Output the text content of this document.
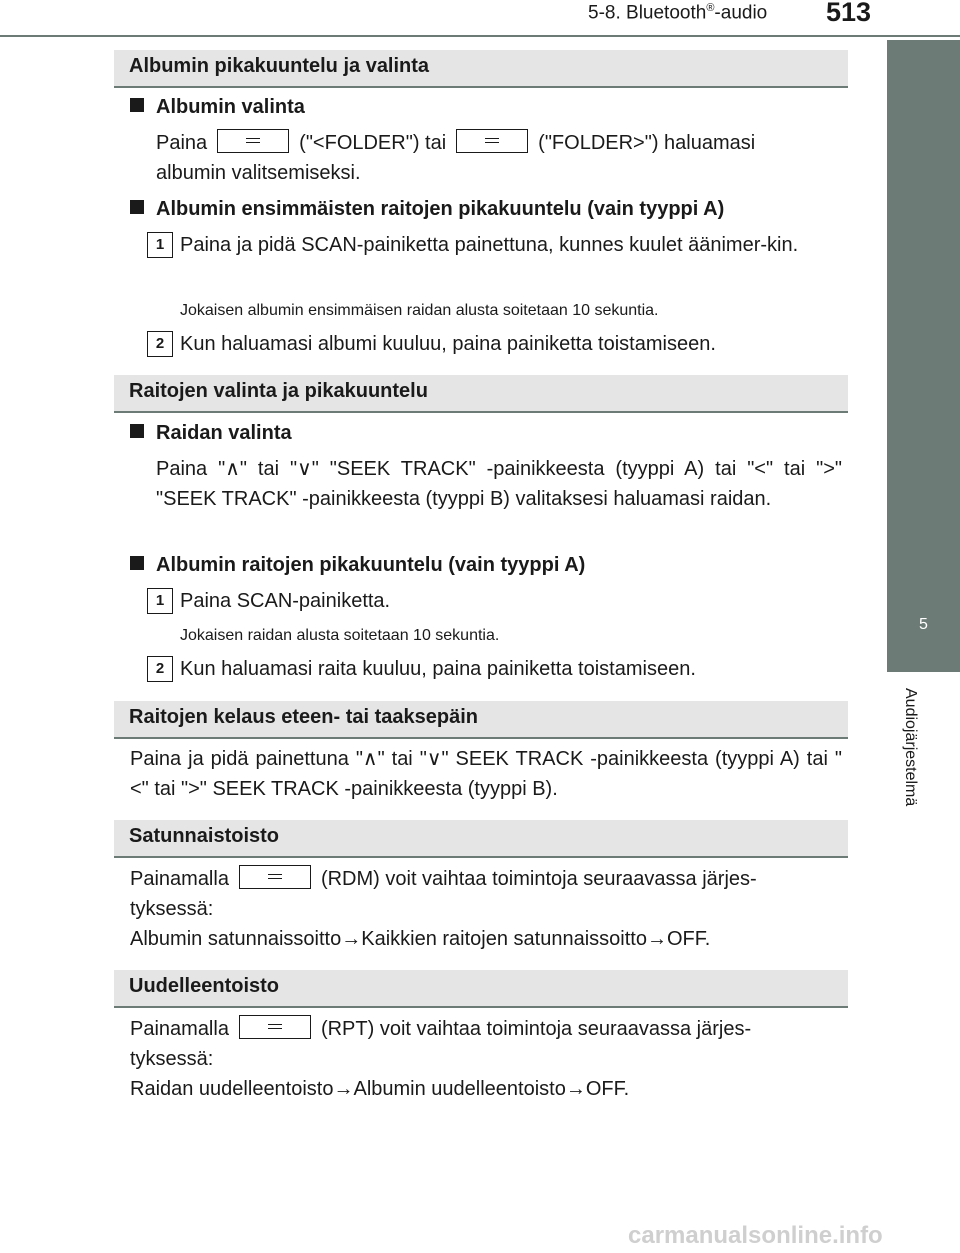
5-8. Bluetooth®-audio 513
5
Audiojärjestelmä
Albumin pikakuuntelu ja valinta
Albumin valinta
Paina	("<FOLDER") tai	("FOLDER>") haluamasi
albumin valitsemiseksi.
Albumin ensimmäisten raitojen pikakuuntelu (vain tyyppi A)
1 Paina ja pidä SCAN-painiketta painettuna, kunnes kuulet äänimer-kin.
Jokaisen albumin ensimmäisen raidan alusta soitetaan 10 sekuntia.
2 Kun haluamasi albumi kuuluu, paina painiketta toistamiseen.
Raitojen valinta ja pikakuuntelu
Raidan valinta
Paina "∧" tai "∨" "SEEK TRACK" -painikkeesta (tyyppi A) tai "<" tai ">" "SEEK TRACK" -painikkeesta (tyyppi B) valitaksesi haluamasi raidan.
Albumin raitojen pikakuuntelu (vain tyyppi A)
1 Paina SCAN-painiketta.
Jokaisen raidan alusta soitetaan 10 sekuntia.
2 Kun haluamasi raita kuuluu, paina painiketta toistamiseen.
Raitojen kelaus eteen- tai taaksepäin
Paina ja pidä painettuna "∧" tai "∨" SEEK TRACK -painikkeesta (tyyppi A) tai "<" tai ">" SEEK TRACK -painikkeesta (tyyppi B).
Satunnaistoisto
Painamalla	(RDM) voit vaihtaa toimintoja seuraavassa järjes-
tyksessä:
Albumin satunnaissoitto→Kaikkien raitojen satunnaissoitto→OFF.
Uudelleentoisto
Painamalla	(RPT) voit vaihtaa toimintoja seuraavassa järjes-
tyksessä:
Raidan uudelleentoisto→Albumin uudelleentoisto→OFF.
carmanualsonline.info
